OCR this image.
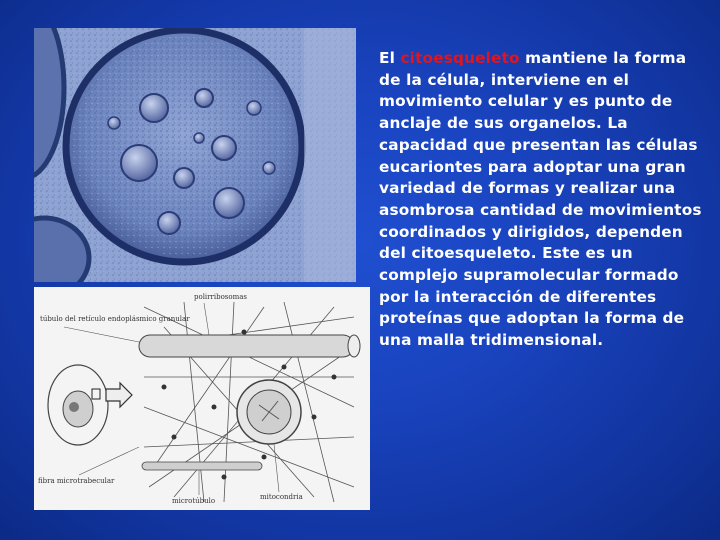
polirribosomas
túbulo del retículo endoplásmico granular
fibra microtrabecular
microtúbulo	mitocondria
El citoesqueleto mantiene la forma de la célula, interviene en el movimiento celular y es punto de anclaje de sus organelos. La capacidad que presentan las células eucariontes para adoptar una gran variedad de formas y realizar una asombrosa cantidad de movimientos coordinados y dirigidos, dependen del citoesqueleto. Este es un complejo supramolecular formado por la interacción de diferentes proteínas que adoptan la forma de una malla tridimensional.
